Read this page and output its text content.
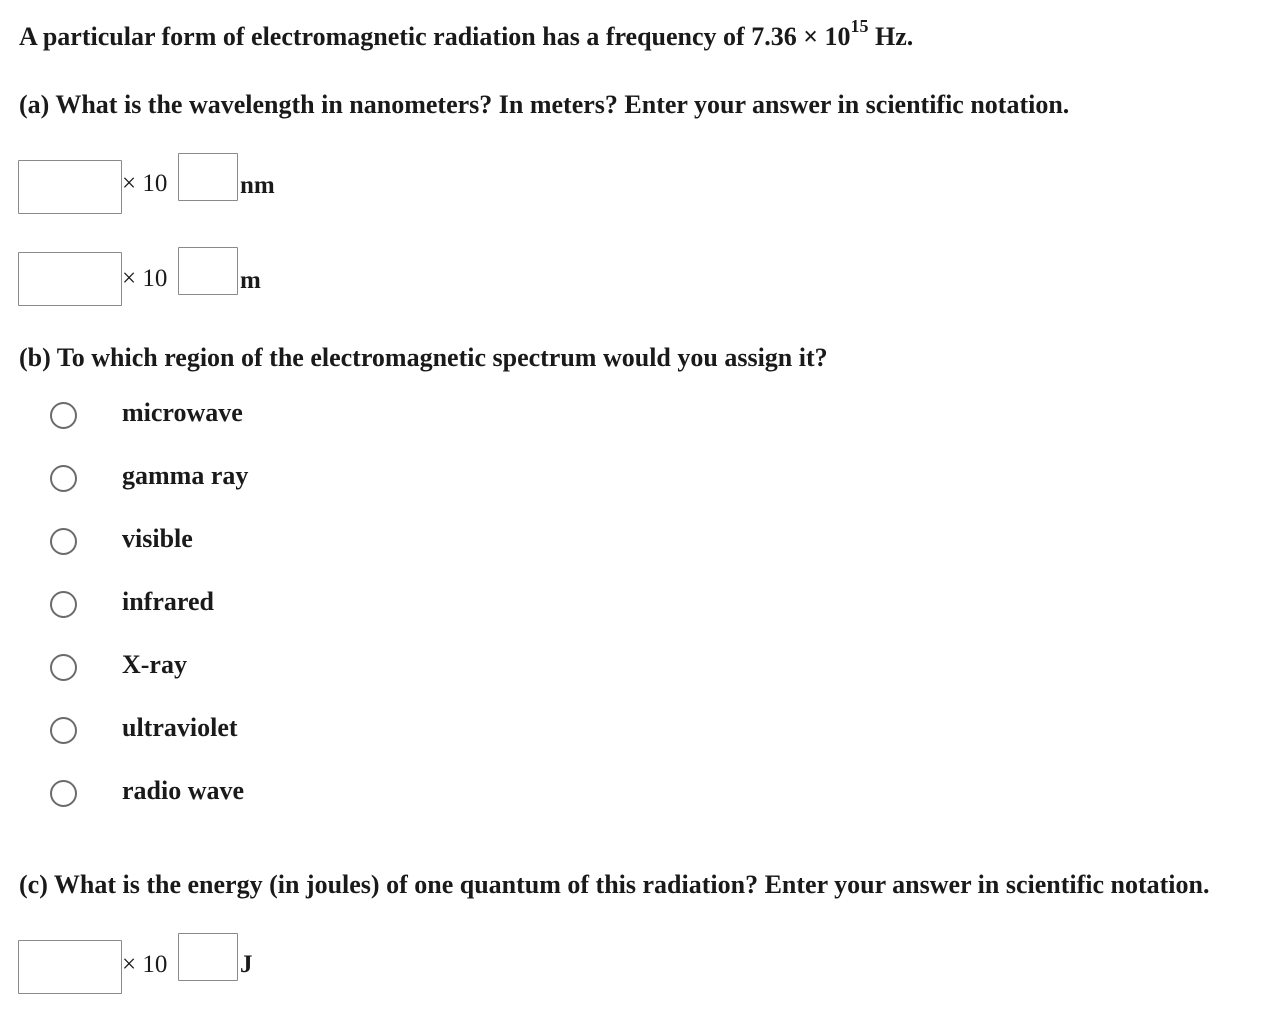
A particular form of electromagnetic radiation has a frequency of $7.36 \times 10^{15}$ Hz.
(a) What is the wavelength in nanometers? In meters? Enter your answer in scientific notation.
× 10	nm
× 10	m
(b) To which region of the electromagnetic spectrum would you assign it?
microwave
gamma ray
visible
infrared
X-ray
ultraviolet
radio wave
(c) What is the energy (in joules) of one quantum of this radiation? Enter your answer in scientific notation.
× 10	J
